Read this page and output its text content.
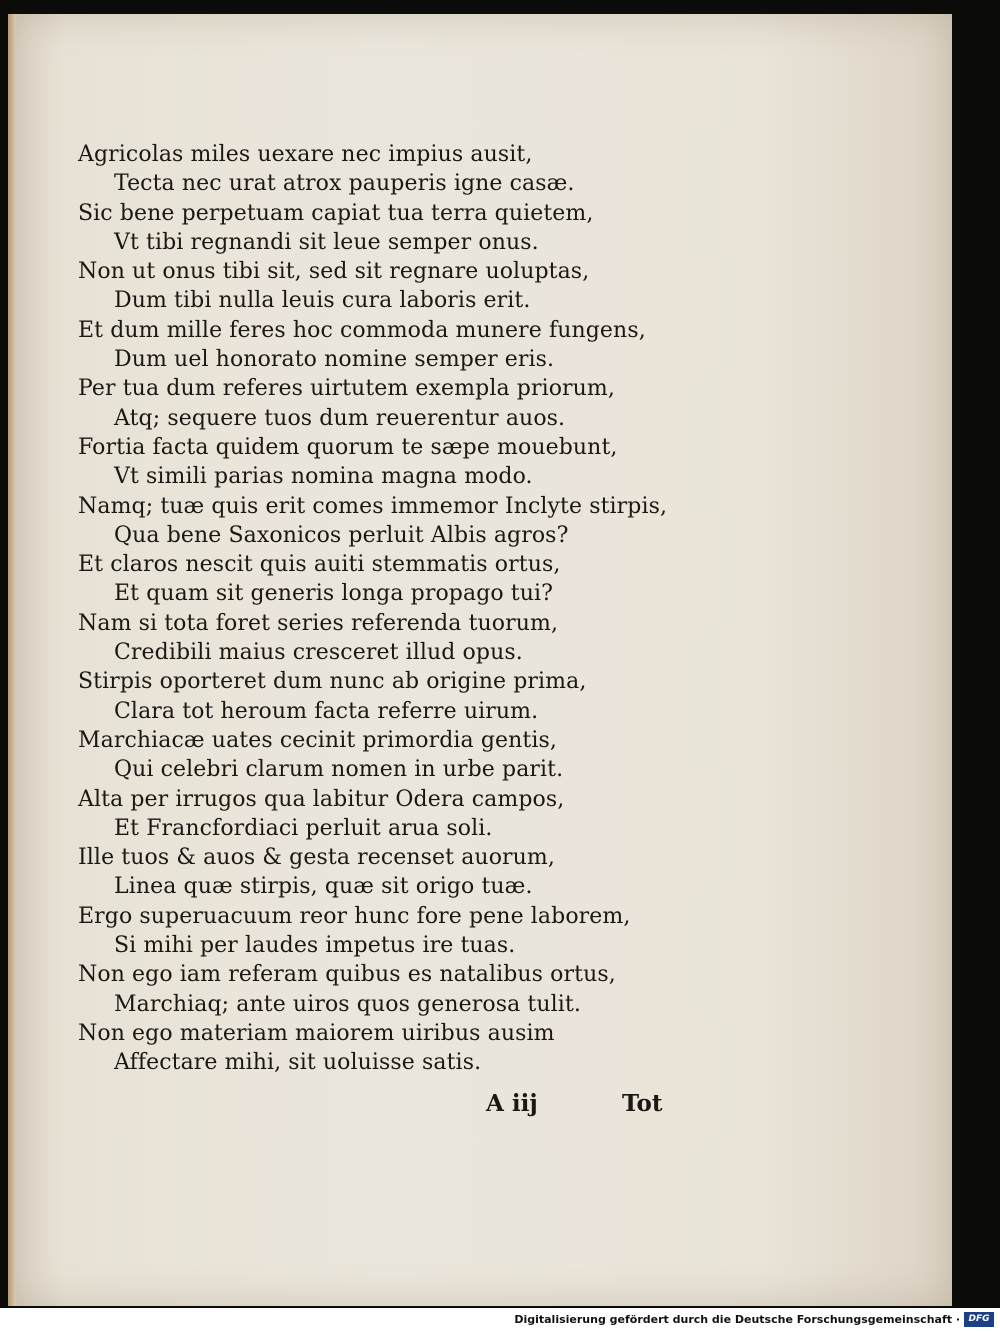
Agricolas miles uexare nec impius ausit,
Tecta nec urat atrox pauperis igne casæ.
Sic bene perpetuam capiat tua terra quietem,
Vt tibi regnandi sit leue semper onus.
Non ut onus tibi sit, sed sit regnare uoluptas,
Dum tibi nulla leuis cura laboris erit.
Et dum mille feres hoc commoda munere fungens,
Dum uel honorato nomine semper eris.
Per tua dum referes uirtutem exempla priorum,
Atq; sequere tuos dum reuerentur auos.
Fortia facta quidem quorum te sæpe mouebunt,
Vt simili parias nomina magna modo.
Namq; tuæ quis erit comes immemor Inclyte stirpis,
Qua bene Saxonicos perluit Albis agros?
Et claros nescit quis auiti stemmatis ortus,
Et quam sit generis longa propago tui?
Nam si tota foret series referenda tuorum,
Credibili maius cresceret illud opus.
Stirpis oporteret dum nunc ab origine prima,
Clara tot heroum facta referre uirum.
Marchiacæ uates cecinit primordia gentis,
Qui celebri clarum nomen in urbe parit.
Alta per irrugos qua labitur Odera campos,
Et Francfordiaci perluit arua soli.
Ille tuos & auos & gesta recenset auorum,
Linea quæ stirpis, quæ sit origo tuæ.
Ergo superuacuum reor hunc fore pene laborem,
Si mihi per laudes impetus ire tuas.
Non ego iam referam quibus es natalibus ortus,
Marchiaq; ante uiros quos generosa tulit.
Non ego materiam maiorem uiribus ausim
Affectare mihi, sit uoluisse satis.
A iij	Tot
Digitalisierung gefördert durch die Deutsche Forschungsgemeinschaft · DFG
